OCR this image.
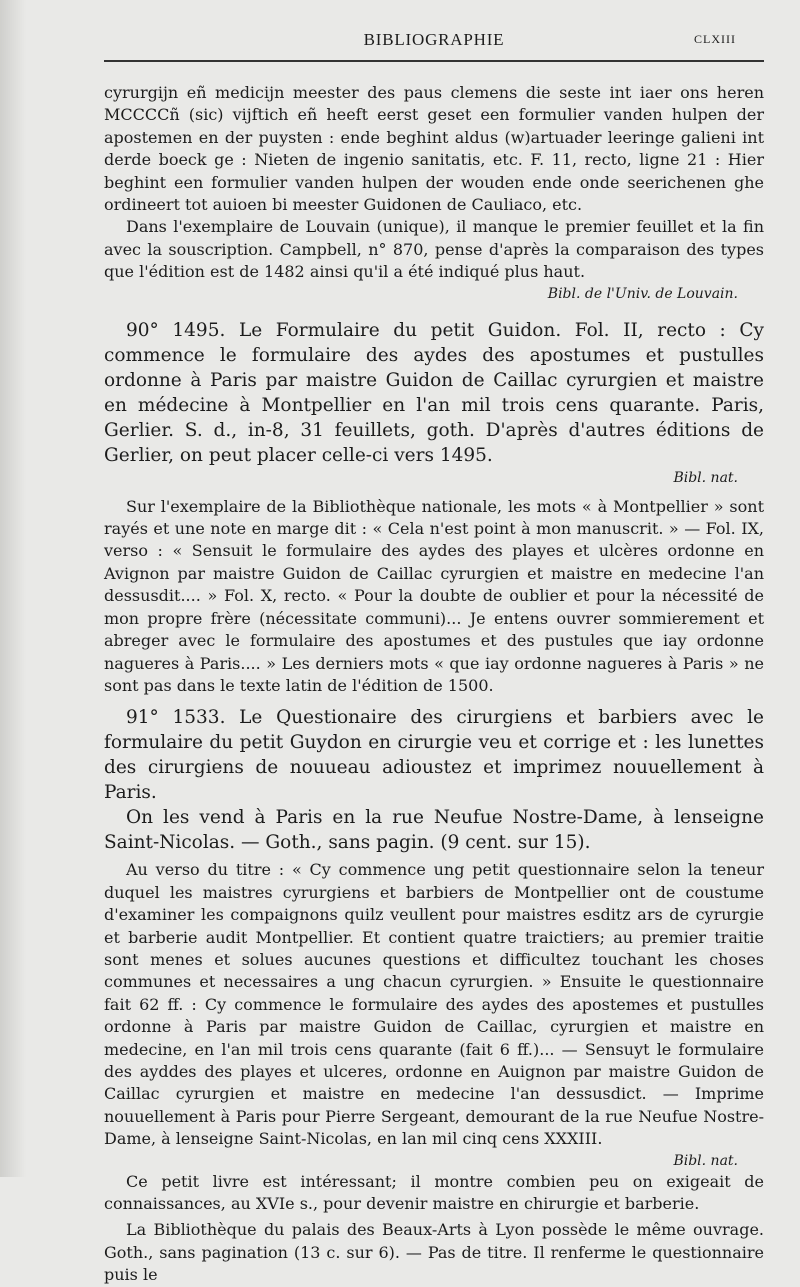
BIBLIOGRAPHIE	CLXIII

cyrurgijn eñ medicijn meester des paus clemens die seste int iaer ons heren MCCCCñ (sic) vijftich eñ heeft eerst geset een formulier vanden hulpen der apostemen en der puysten : ende beghint aldus (w)artuader leeringe galieni int derde boeck ge : Nieten de ingenio sanitatis, etc. F. 11, recto, ligne 21 : Hier beghint een formulier vanden hulpen der wouden ende onde seerichenen ghe ordineert tot auioen bi meester Guidonen de Cauliaco, etc.

Dans l'exemplaire de Louvain (unique), il manque le premier feuillet et la fin avec la souscription. Campbell, n° 870, pense d'après la comparaison des types que l'édition est de 1482 ainsi qu'il a été indiqué plus haut.

Bibl. de l'Univ. de Louvain.

90° 1495. Le Formulaire du petit Guidon. Fol. II, recto : Cy commence le formulaire des aydes des apostumes et pustulles ordonne à Paris par maistre Guidon de Caillac cyrurgien et maistre en médecine à Montpellier en l'an mil trois cens quarante. Paris, Gerlier. S. d., in-8, 31 feuillets, goth. D'après d'autres éditions de Gerlier, on peut placer celle-ci vers 1495.

Bibl. nat.

Sur l'exemplaire de la Bibliothèque nationale, les mots « à Montpellier » sont rayés et une note en marge dit : « Cela n'est point à mon manuscrit. » — Fol. IX, verso : « Sensuit le formulaire des aydes des playes et ulcères ordonne en Avignon par maistre Guidon de Caillac cyrurgien et maistre en medecine l'an dessusdit.... » Fol. X, recto. « Pour la doubte de oublier et pour la nécessité de mon propre frère (nécessitate communi)... Je entens ouvrer sommierement et abreger avec le formulaire des apostumes et des pustules que iay ordonne nagueres à Paris.... » Les derniers mots « que iay ordonne nagueres à Paris » ne sont pas dans le texte latin de l'édition de 1500.

91° 1533. Le Questionaire des cirurgiens et barbiers avec le formulaire du petit Guydon en cirurgie veu et corrige et : les lunettes des cirurgiens de nouueau adioustez et imprimez nouuellement à Paris.

On les vend à Paris en la rue Neufue Nostre-Dame, à lenseigne Saint-Nicolas. — Goth., sans pagin. (9 cent. sur 15).

Au verso du titre : « Cy commence ung petit questionnaire selon la teneur duquel les maistres cyrurgiens et barbiers de Montpellier ont de coustume d'examiner les compaignons quilz veullent pour maistres esditz ars de cyrurgie et barberie audit Montpellier. Et contient quatre traictiers; au premier traitie sont menes et solues aucunes questions et difficultez touchant les choses communes et necessaires a ung chacun cyrurgien. » Ensuite le questionnaire fait 62 ff. : Cy commence le formulaire des aydes des apostemes et pustulles ordonne à Paris par maistre Guidon de Caillac, cyrurgien et maistre en medecine, en l'an mil trois cens quarante (fait 6 ff.)... — Sensuyt le formulaire des ayddes des playes et ulceres, ordonne en Auignon par maistre Guidon de Caillac cyrurgien et maistre en medecine l'an dessusdict. — Imprime nouuellement à Paris pour Pierre Sergeant, demourant de la rue Neufue Nostre-Dame, à lenseigne Saint-Nicolas, en lan mil cinq cens XXXIII.

Bibl. nat.

Ce petit livre est intéressant; il montre combien peu on exigeait de connaissances, au XVIe s., pour devenir maistre en chirurgie et barberie.

La Bibliothèque du palais des Beaux-Arts à Lyon possède le même ouvrage. Goth., sans pagination (13 c. sur 6). — Pas de titre. Il renferme le questionnaire puis le
